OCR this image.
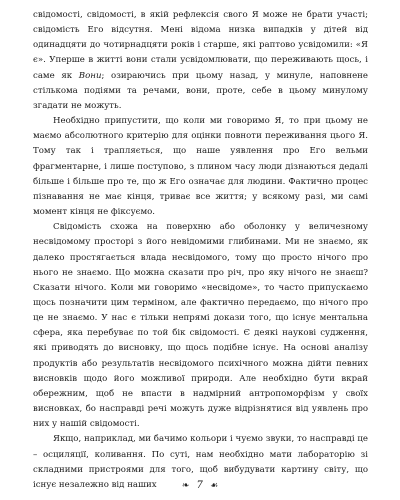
свідомості, свідомості, в якій рефлексія свого Я може не брати участі; свідомість Его відсутня. Мені відома низка випадків у дітей від одинадцяти до чотирнадцяти років і старше, які раптово усвідомили: «Я є». Уперше в житті вони стали усвідомлювати, що переживають щось, і саме як Вони; озираючись при цьому назад, у минуле, наповнене стількома подіями та речами, вони, проте, себе в цьому минулому згадати не можуть.

Необхідно припустити, що коли ми говоримо Я, то при цьому не маємо абсолютного критерію для оцінки повноти переживання цього Я. Тому так і трапляється, що наше уявлення про Его вельми фрагментарне, і лише поступово, з плином часу люди дізнаються дедалі більше і більше про те, що ж Его означає для людини. Фактично процес пізнавання не має кінця, триває все життя; у всякому разі, ми самі момент кінця не фіксуємо.

Свідомість схожа на поверхню або оболонку у величезному несвідомому просторі з його невідомими глибинами. Ми не знаємо, як далеко простягається влада несвідомого, тому що просто нічого про нього не знаємо. Що можна сказати про річ, про яку нічого не знаєш? Сказати нічого. Коли ми говоримо «несвідоме», то часто припускаємо щось позначити цим терміном, але фактично передаємо, що нічого про це не знаємо. У нас є тільки непрямі докази того, що існує ментальна сфера, яка перебуває по той бік свідомості. Є деякі наукові судження, які приводять до висновку, що щось подібне існує. На основі аналізу продуктів або результатів несвідомого психічного можна дійти певних висновків щодо його можливої природи. Але необхідно бути вкрай обережним, щоб не впасти в надмірний антропоморфізм у своїх висновках, бо насправді речі можуть дуже відрізнятися від уявлень про них у нашій свідомості.

Якщо, наприклад, ми бачимо кольори і чуємо звуки, то насправді це – осциляції, коливання. По суті, нам необхідно мати лабораторію зі складними пристроями для того, щоб вибудувати картину світу, що існує незалежно від наших	❧ 7 ☙
